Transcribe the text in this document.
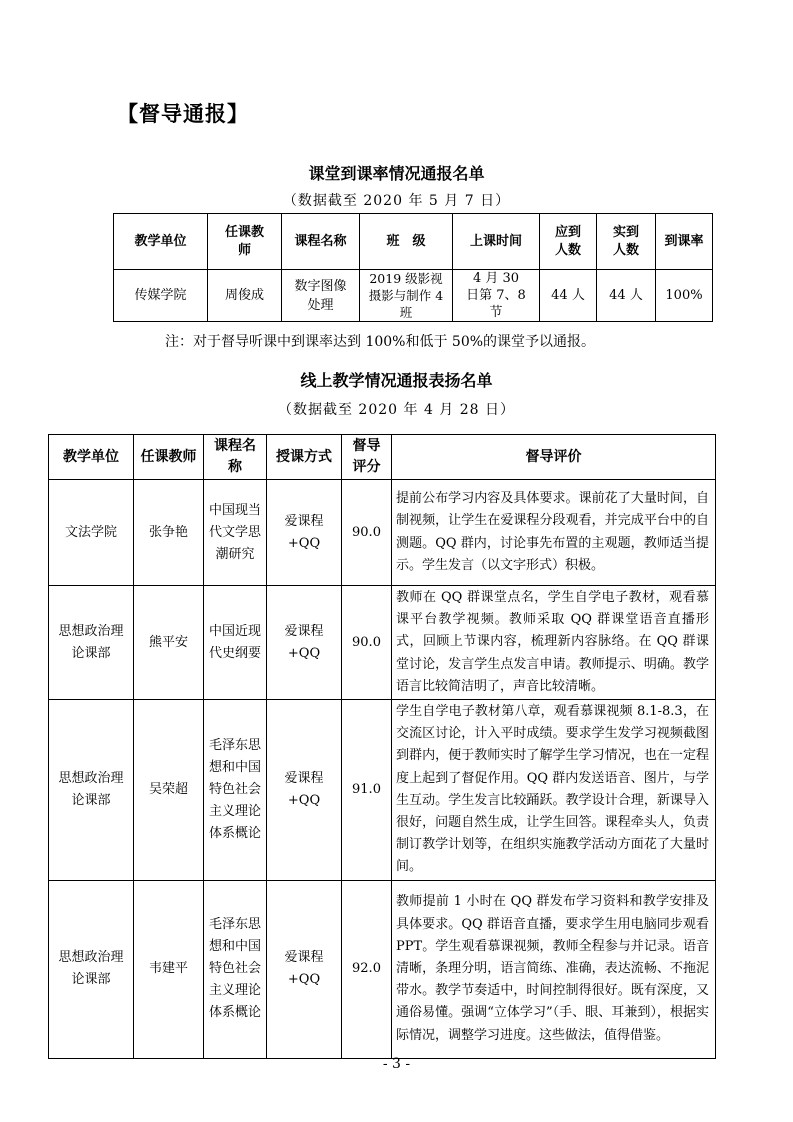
【督导通报】
课堂到课率情况通报名单
（数据截至 2020 年 5 月 7 日）
教学单位	任课教师	课程名称	班　级	上课时间	应到人数	实到人数	到课率
传媒学院	周俊成	数字图像处理	2019 级影视摄影与制作 4 班	4 月 30 日第 7、8 节	44 人	44 人	100%
注：对于督导听课中到课率达到 100%和低于 50%的课堂予以通报。
线上教学情况通报表扬名单
（数据截至 2020 年 4 月 28 日）
教学单位	任课教师	课程名称	授课方式	督导评分	督导评价
文法学院	张争艳	中国现当代文学思潮研究	爱课程+QQ	90.0	提前公布学习内容及具体要求。课前花了大量时间，自制视频，让学生在爱课程分段观看，并完成平台中的自测题。QQ 群内，讨论事先布置的主观题，教师适当提示。学生发言（以文字形式）积极。
思想政治理论课部	熊平安	中国近现代史纲要	爱课程+QQ	90.0	教师在 QQ 群课堂点名，学生自学电子教材，观看慕课平台教学视频。教师采取 QQ 群课堂语音直播形式，回顾上节课内容，梳理新内容脉络。在 QQ 群课堂讨论，发言学生点发言申请。教师提示、明确。教学语言比较简洁明了，声音比较清晰。
思想政治理论课部	吴荣超	毛泽东思想和中国特色社会主义理论体系概论	爱课程+QQ	91.0	学生自学电子教材第八章，观看慕课视频 8.1-8.3，在交流区讨论，计入平时成绩。要求学生发学习视频截图到群内，便于教师实时了解学生学习情况，也在一定程度上起到了督促作用。QQ 群内发送语音、图片，与学生互动。学生发言比较踊跃。教学设计合理，新课导入很好，问题自然生成，让学生回答。课程牵头人，负责制订教学计划等，在组织实施教学活动方面花了大量时间。
思想政治理论课部	韦建平	毛泽东思想和中国特色社会主义理论体系概论	爱课程+QQ	92.0	教师提前 1 小时在 QQ 群发布学习资料和教学安排及具体要求。QQ 群语音直播，要求学生用电脑同步观看 PPT。学生观看慕课视频，教师全程参与并记录。语音清晰，条理分明，语言简练、准确，表达流畅、不拖泥带水。教学节奏适中，时间控制得很好。既有深度，又通俗易懂。强调“立体学习”（手、眼、耳兼到），根据实际情况，调整学习进度。这些做法，值得借鉴。
- 3 -
